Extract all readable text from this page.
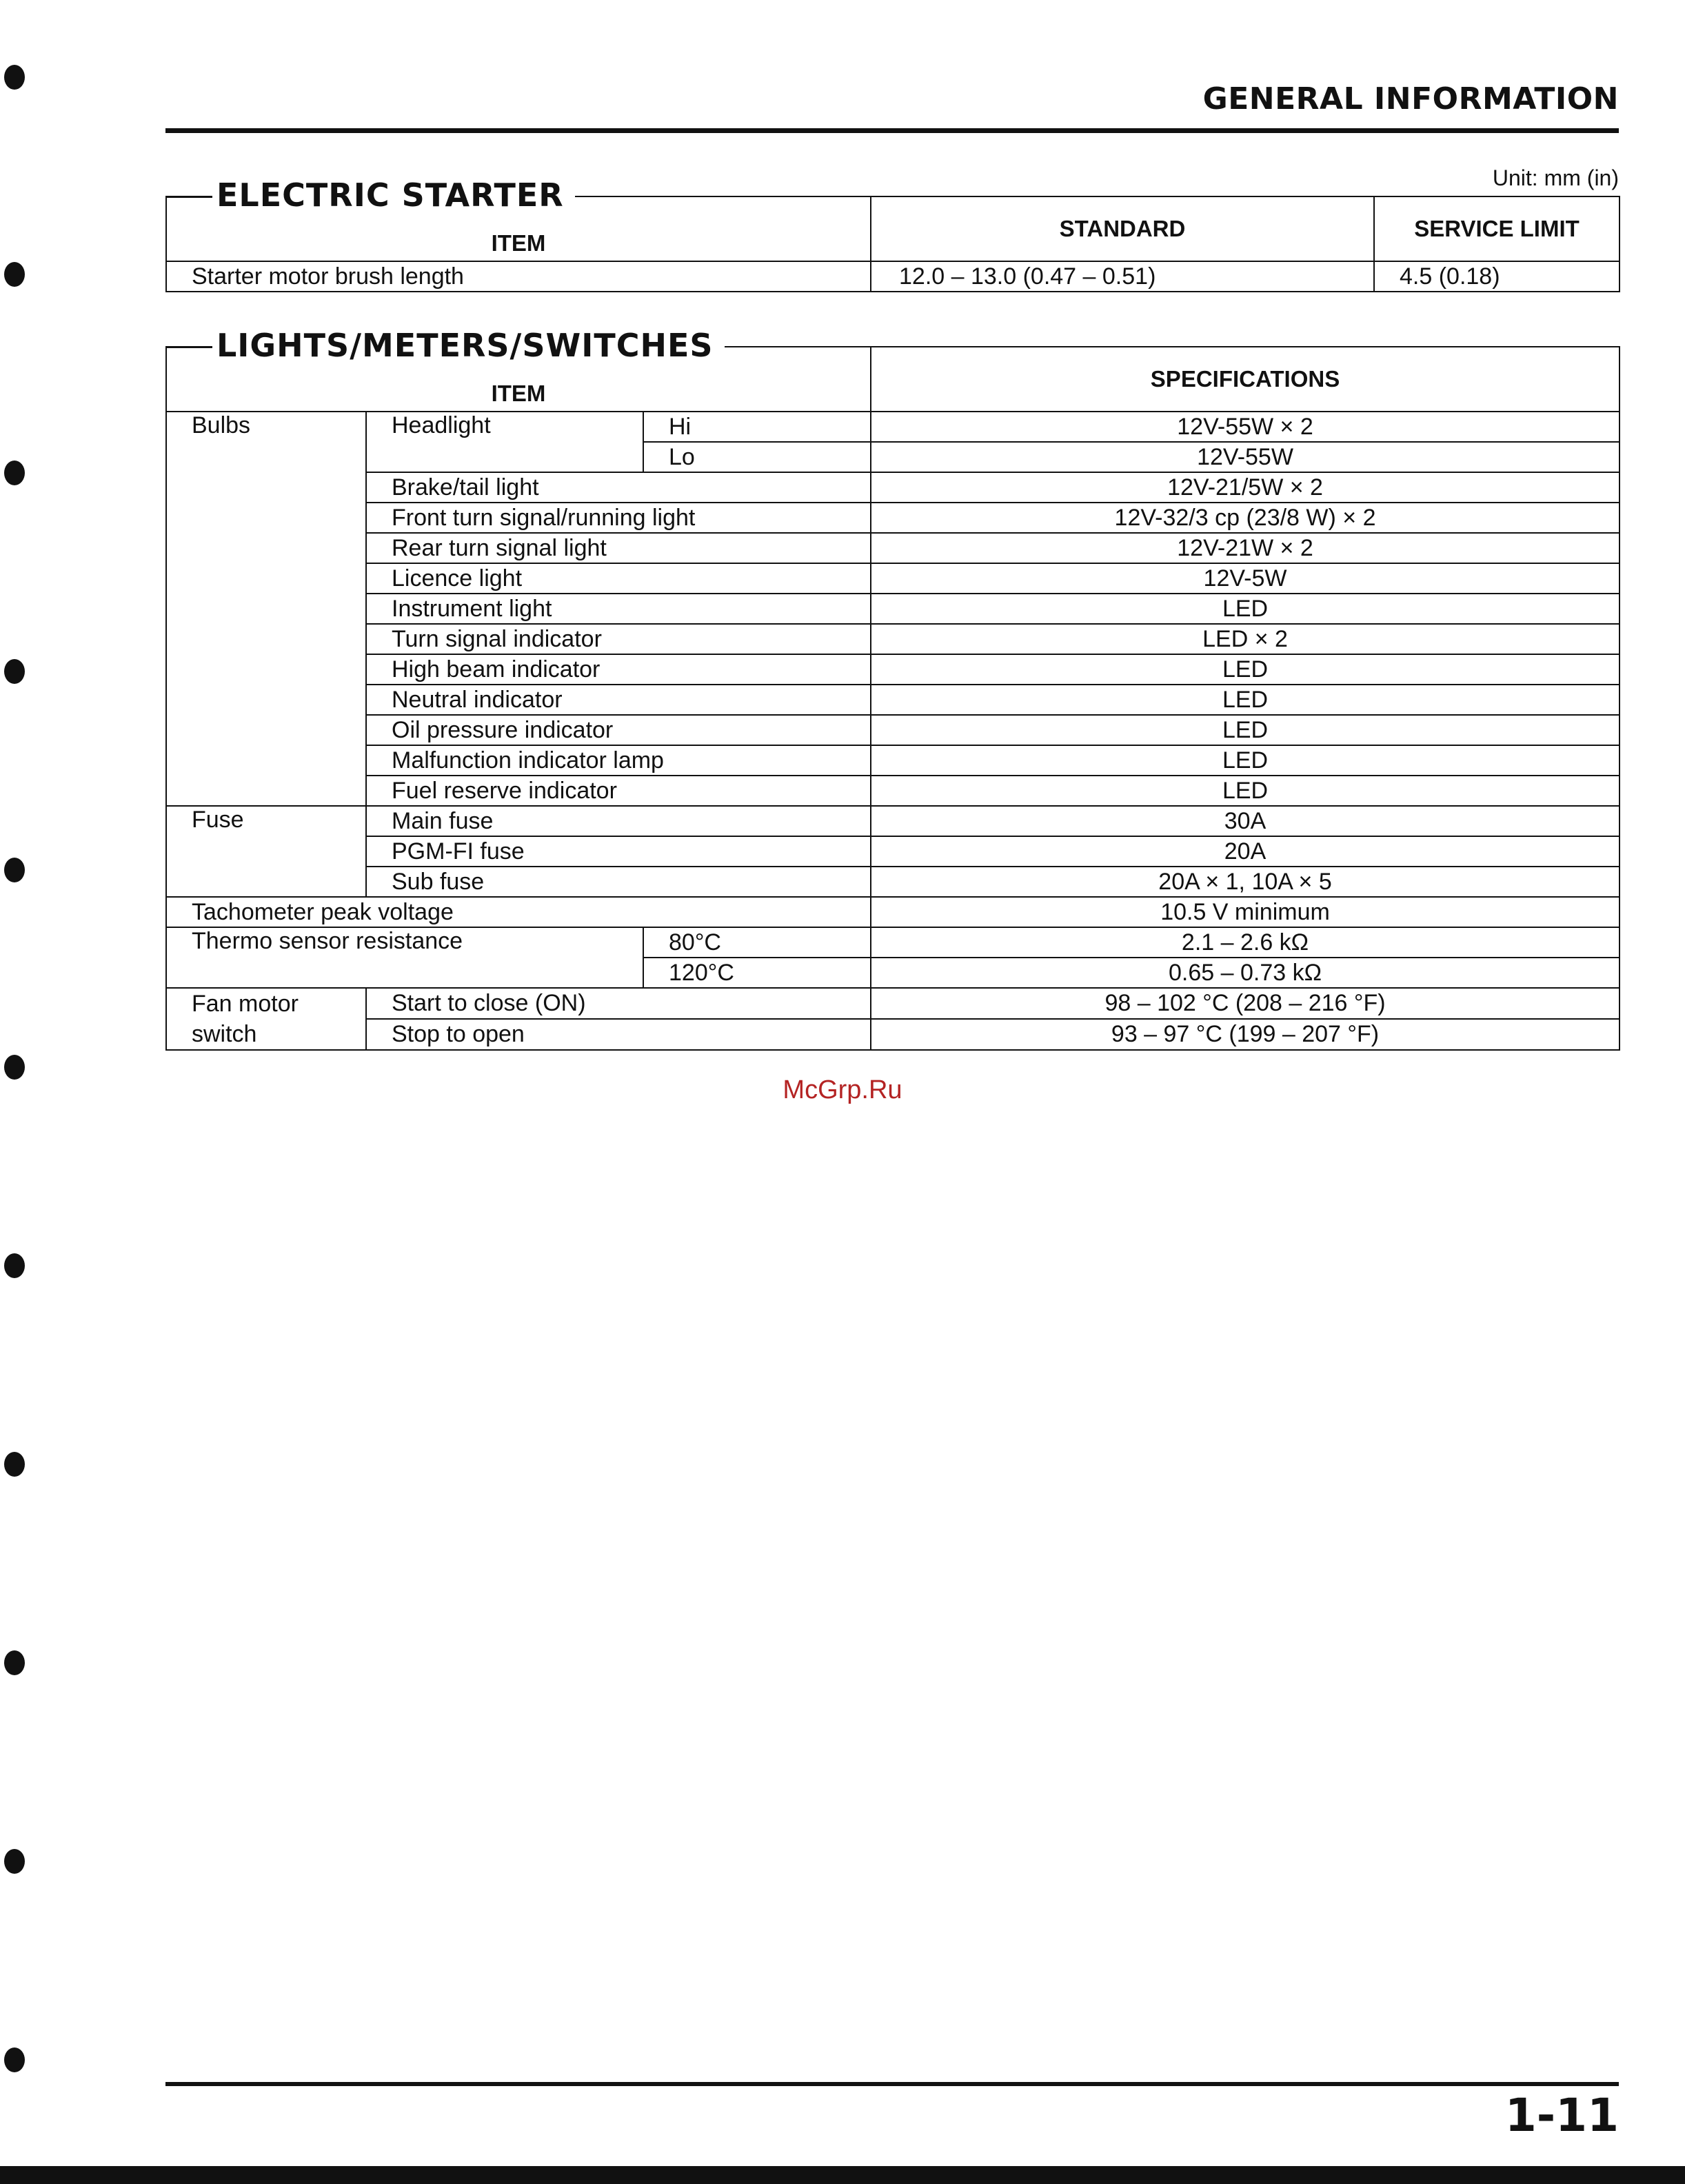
GENERAL INFORMATION
Unit: mm (in)
ELECTRIC STARTER
ITEM	STANDARD	SERVICE LIMIT
Starter motor brush length	12.0 – 13.0 (0.47 – 0.51)	4.5 (0.18)
LIGHTS/METERS/SWITCHES
ITEM			SPECIFICATIONS
Bulbs	Headlight	Hi	12V-55W × 2
		Lo	12V-55W
	Brake/tail light		12V-21/5W × 2
	Front turn signal/running light		12V-32/3 cp (23/8 W) × 2
	Rear turn signal light		12V-21W × 2
	Licence light		12V-5W
	Instrument light		LED
	Turn signal indicator		LED × 2
	High beam indicator		LED
	Neutral indicator		LED
	Oil pressure indicator		LED
	Malfunction indicator lamp		LED
	Fuel reserve indicator		LED
Fuse	Main fuse		30A
	PGM-FI fuse		20A
	Sub fuse		20A × 1, 10A × 5
Tachometer peak voltage			10.5 V minimum
Thermo sensor resistance		80°C	2.1 – 2.6 kΩ
		120°C	0.65 – 0.73 kΩ
Fan motor switch	Start to close (ON)		98 – 102 °C (208 – 216 °F)
	Stop to open		93 – 97 °C (199 – 207 °F)
McGrp.Ru
1-11
